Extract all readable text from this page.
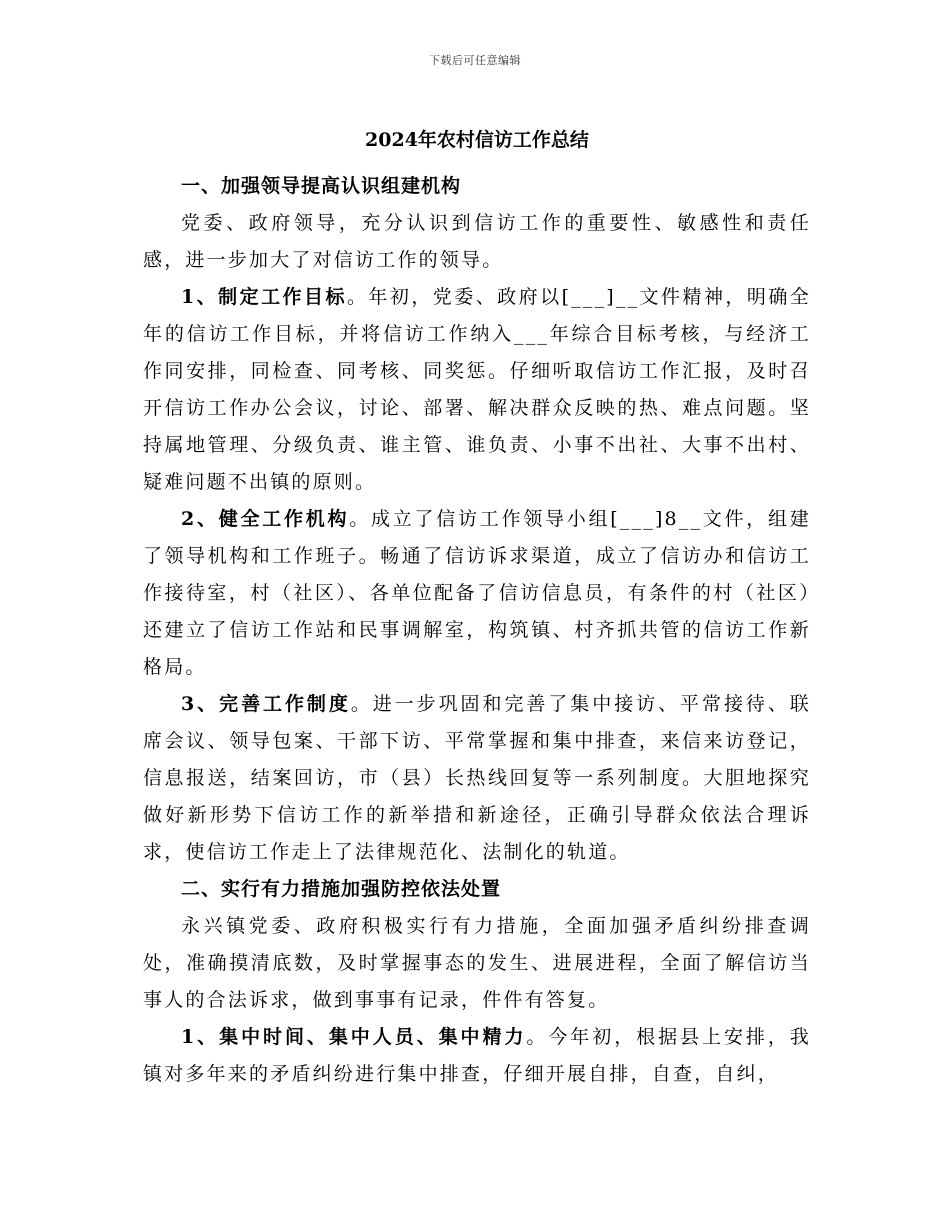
下载后可任意编辑
2024年农村信访工作总结

一、加强领导提高认识组建机构

党委、政府领导，充分认识到信访工作的重要性、敏感性和责任感，进一步加大了对信访工作的领导。

1、制定工作目标。年初，党委、政府以[___]__文件精神，明确全年的信访工作目标，并将信访工作纳入___年综合目标考核，与经济工作同安排，同检查、同考核、同奖惩。仔细听取信访工作汇报，及时召开信访工作办公会议，讨论、部署、解决群众反映的热、难点问题。坚持属地管理、分级负责、谁主管、谁负责、小事不出社、大事不出村、疑难问题不出镇的原则。

2、健全工作机构。成立了信访工作领导小组[___]8__文件，组建了领导机构和工作班子。畅通了信访诉求渠道，成立了信访办和信访工作接待室，村（社区）、各单位配备了信访信息员，有条件的村（社区）还建立了信访工作站和民事调解室，构筑镇、村齐抓共管的信访工作新格局。

3、完善工作制度。进一步巩固和完善了集中接访、平常接待、联席会议、领导包案、干部下访、平常掌握和集中排查，来信来访登记，信息报送，结案回访，市（县）长热线回复等一系列制度。大胆地探究做好新形势下信访工作的新举措和新途径，正确引导群众依法合理诉求，使信访工作走上了法律规范化、法制化的轨道。

二、实行有力措施加强防控依法处置

永兴镇党委、政府积极实行有力措施，全面加强矛盾纠纷排查调处，准确摸清底数，及时掌握事态的发生、进展进程，全面了解信访当事人的合法诉求，做到事事有记录，件件有答复。

1、集中时间、集中人员、集中精力。今年初，根据县上安排，我镇对多年来的矛盾纠纷进行集中排查，仔细开展自排，自查，自纠，
